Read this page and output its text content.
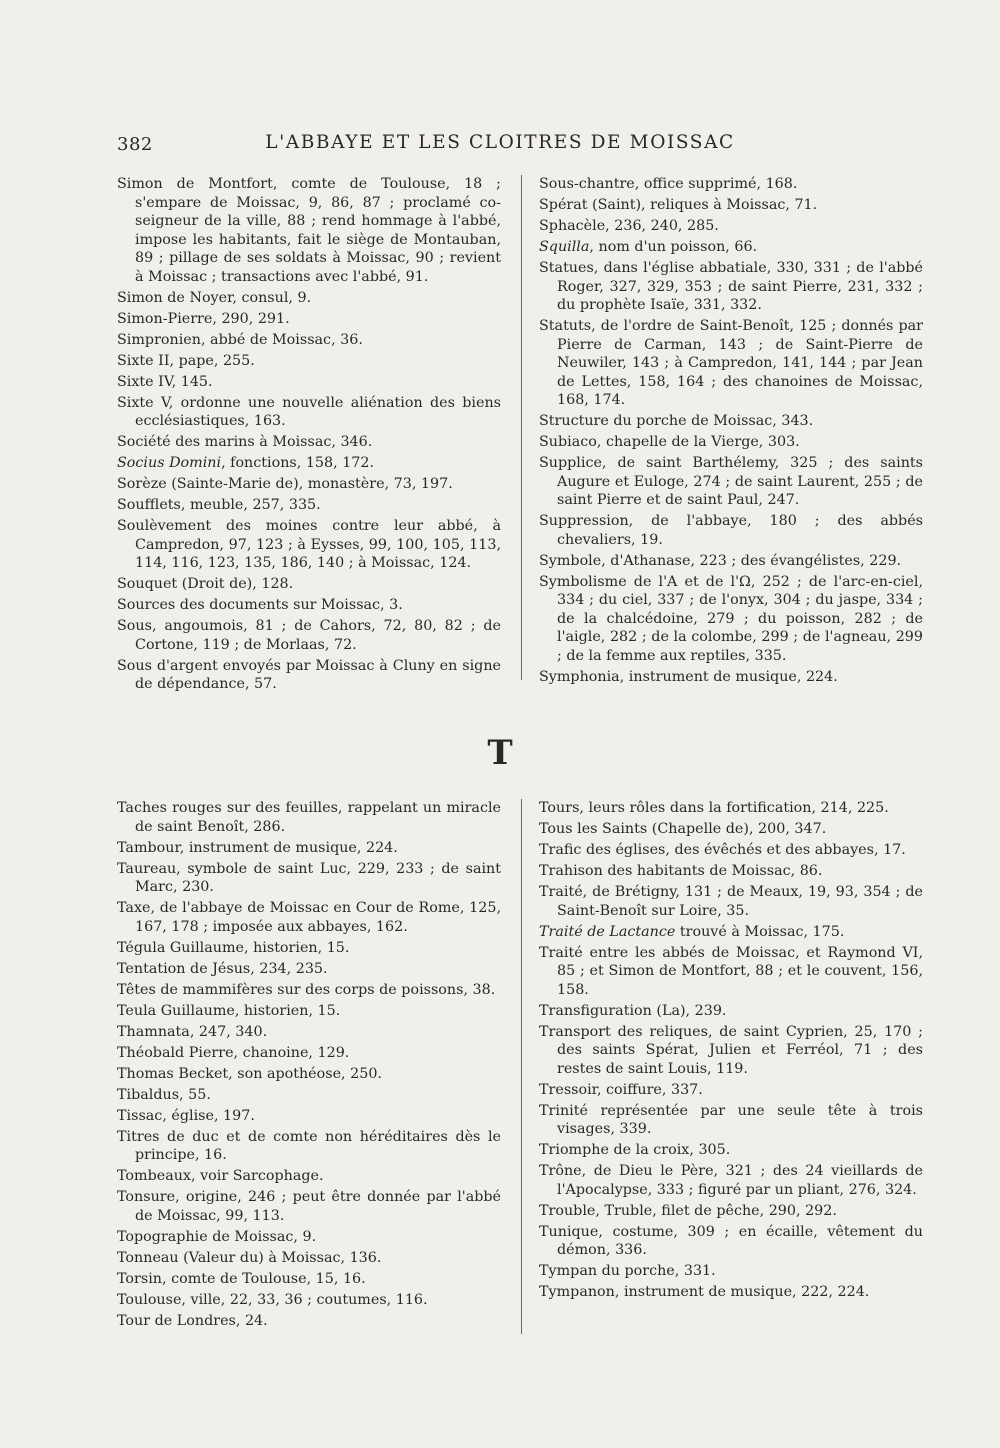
382	L'ABBAYE ET LES CLOITRES DE MOISSAC
Simon de Montfort, comte de Toulouse, 18 ; s'empare de Moissac, 9, 86, 87 ; proclamé co-seigneur de la ville, 88 ; rend hommage à l'abbé, impose les habitants, fait le siège de Montauban, 89 ; pillage de ses soldats à Moissac, 90 ; revient à Moissac ; transactions avec l'abbé, 91.
Simon de Noyer, consul, 9.
Simon-Pierre, 290, 291.
Simpronien, abbé de Moissac, 36.
Sixte II, pape, 255.
Sixte IV, 145.
Sixte V, ordonne une nouvelle aliénation des biens ecclésiastiques, 163.
Société des marins à Moissac, 346.
Socius Domini, fonctions, 158, 172.
Sorèze (Sainte-Marie de), monastère, 73, 197.
Soufflets, meuble, 257, 335.
Soulèvement des moines contre leur abbé, à Campredon, 97, 123 ; à Eysses, 99, 100, 105, 113, 114, 116, 123, 135, 186, 140 ; à Moissac, 124.
Souquet (Droit de), 128.
Sources des documents sur Moissac, 3.
Sous, angoumois, 81 ; de Cahors, 72, 80, 82 ; de Cortone, 119 ; de Morlaas, 72.
Sous d'argent envoyés par Moissac à Cluny en signe de dépendance, 57.
Sous-chantre, office supprimé, 168.
Spérat (Saint), reliques à Moissac, 71.
Sphacèle, 236, 240, 285.
Squilla, nom d'un poisson, 66.
Statues, dans l'église abbatiale, 330, 331 ; de l'abbé Roger, 327, 329, 353 ; de saint Pierre, 231, 332 ; du prophète Isaïe, 331, 332.
Statuts, de l'ordre de Saint-Benoît, 125 ; donnés par Pierre de Carman, 143 ; de Saint-Pierre de Neuwiler, 143 ; à Campredon, 141, 144 ; par Jean de Lettes, 158, 164 ; des chanoines de Moissac, 168, 174.
Structure du porche de Moissac, 343.
Subiaco, chapelle de la Vierge, 303.
Supplice, de saint Barthélemy, 325 ; des saints Augure et Euloge, 274 ; de saint Laurent, 255 ; de saint Pierre et de saint Paul, 247.
Suppression, de l'abbaye, 180 ; des abbés chevaliers, 19.
Symbole, d'Athanase, 223 ; des évangélistes, 229.
Symbolisme de l'A et de l'Ω, 252 ; de l'arc-en-ciel, 334 ; du ciel, 337 ; de l'onyx, 304 ; du jaspe, 334 ; de la chalcédoine, 279 ; du poisson, 282 ; de l'aigle, 282 ; de la colombe, 299 ; de l'agneau, 299 ; de la femme aux reptiles, 335.
Symphonia, instrument de musique, 224.
T
Taches rouges sur des feuilles, rappelant un miracle de saint Benoît, 286.
Tambour, instrument de musique, 224.
Taureau, symbole de saint Luc, 229, 233 ; de saint Marc, 230.
Taxe, de l'abbaye de Moissac en Cour de Rome, 125, 167, 178 ; imposée aux abbayes, 162.
Tégula Guillaume, historien, 15.
Tentation de Jésus, 234, 235.
Têtes de mammifères sur des corps de poissons, 38.
Teula Guillaume, historien, 15.
Thamnata, 247, 340.
Théobald Pierre, chanoine, 129.
Thomas Becket, son apothéose, 250.
Tibaldus, 55.
Tissac, église, 197.
Titres de duc et de comte non héréditaires dès le principe, 16.
Tombeaux, voir Sarcophage.
Tonsure, origine, 246 ; peut être donnée par l'abbé de Moissac, 99, 113.
Topographie de Moissac, 9.
Tonneau (Valeur du) à Moissac, 136.
Torsin, comte de Toulouse, 15, 16.
Toulouse, ville, 22, 33, 36 ; coutumes, 116.
Tour de Londres, 24.
Tours, leurs rôles dans la fortification, 214, 225.
Tous les Saints (Chapelle de), 200, 347.
Trafic des églises, des évêchés et des abbayes, 17.
Trahison des habitants de Moissac, 86.
Traité, de Brétigny, 131 ; de Meaux, 19, 93, 354 ; de Saint-Benoît sur Loire, 35.
Traité de Lactance trouvé à Moissac, 175.
Traité entre les abbés de Moissac, et Raymond VI, 85 ; et Simon de Montfort, 88 ; et le couvent, 156, 158.
Transfiguration (La), 239.
Transport des reliques, de saint Cyprien, 25, 170 ; des saints Spérat, Julien et Ferréol, 71 ; des restes de saint Louis, 119.
Tressoir, coiffure, 337.
Trinité représentée par une seule tête à trois visages, 339.
Triomphe de la croix, 305.
Trône, de Dieu le Père, 321 ; des 24 vieillards de l'Apocalypse, 333 ; figuré par un pliant, 276, 324.
Trouble, Truble, filet de pêche, 290, 292.
Tunique, costume, 309 ; en écaille, vêtement du démon, 336.
Tympan du porche, 331.
Tympanon, instrument de musique, 222, 224.
